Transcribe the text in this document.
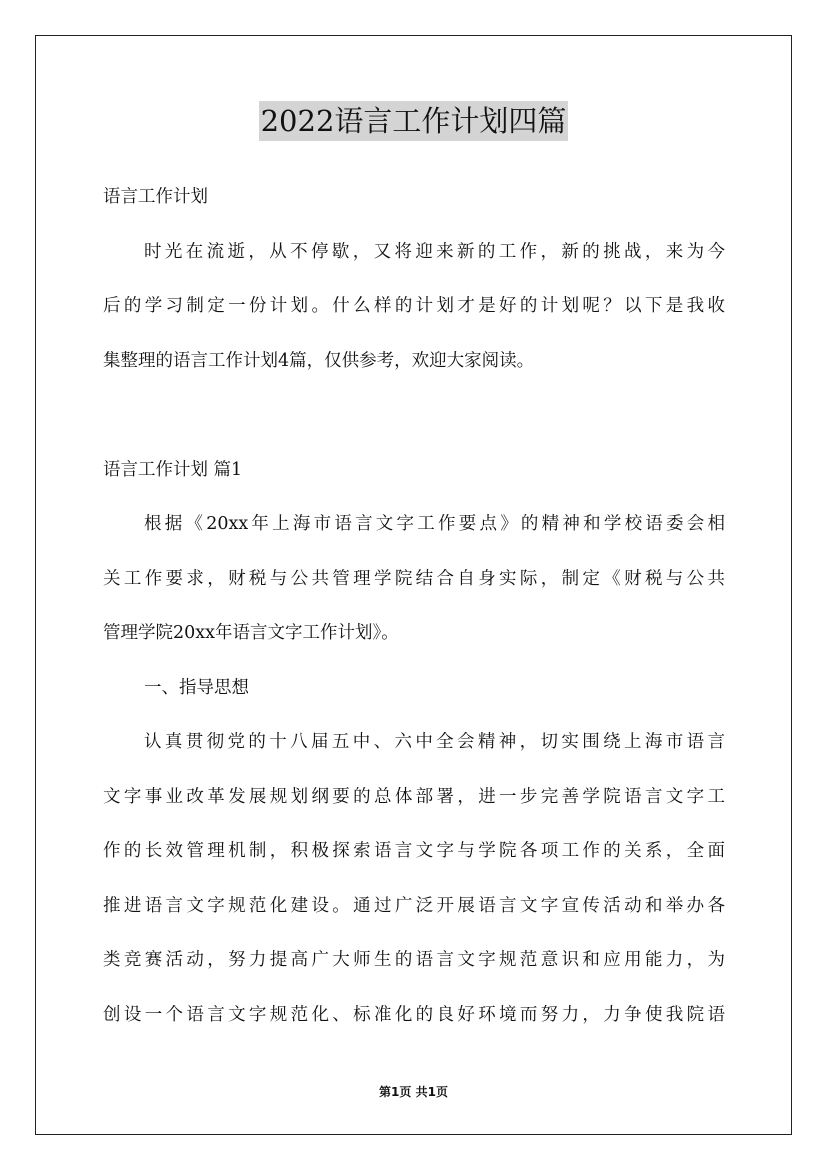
2022语言工作计划四篇
语言工作计划
时光在流逝，从不停歇，又将迎来新的工作，新的挑战，来为今
后的学习制定一份计划。什么样的计划才是好的计划呢？以下是我收
集整理的语言工作计划4篇，仅供参考，欢迎大家阅读。
语言工作计划 篇1
根据《20xx年上海市语言文字工作要点》的精神和学校语委会相
关工作要求，财税与公共管理学院结合自身实际，制定《财税与公共
管理学院20xx年语言文字工作计划》。
一、指导思想
认真贯彻党的十八届五中、六中全会精神，切实围绕上海市语言
文字事业改革发展规划纲要的总体部署，进一步完善学院语言文字工
作的长效管理机制，积极探索语言文字与学院各项工作的关系，全面
推进语言文字规范化建设。通过广泛开展语言文字宣传活动和举办各
类竞赛活动，努力提高广大师生的语言文字规范意识和应用能力，为
创设一个语言文字规范化、标准化的良好环境而努力，力争使我院语
第1页 共1页
